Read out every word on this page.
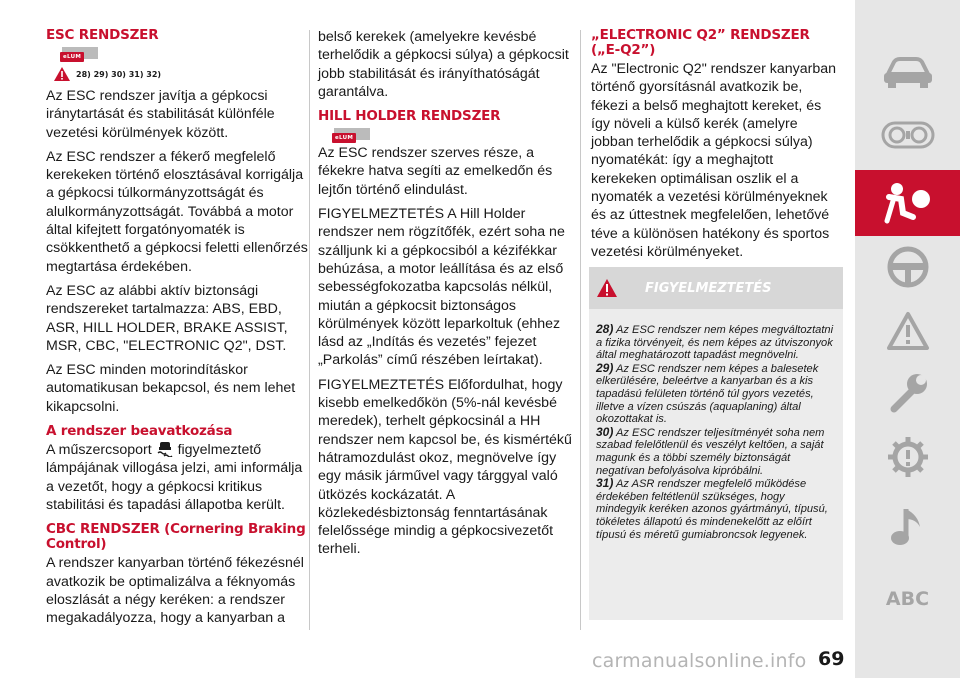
ESC RENDSZER
eLUM
28) 29) 30) 31) 32)

Az ESC rendszer javítja a gépkocsi iránytartását és stabilitását különféle vezetési körülmények között.

Az ESC rendszer a fékerő megfelelő kerekeken történő elosztásával korrigálja a gépkocsi túlkormányzottságát és alulkormányzottságát. Továbbá a motor által kifejtett forgatónyomaték is csökkenthető a gépkocsi feletti ellenőrzés megtartása érdekében.

Az ESC az alábbi aktív biztonsági rendszereket tartalmazza: ABS, EBD, ASR, HILL HOLDER, BRAKE ASSIST, MSR, CBC, "ELECTRONIC Q2", DST.

Az ESC minden motorindításkor automatikusan bekapcsol, és nem lehet kikapcsolni.

A rendszer beavatkozása

A műszercsoport figyelmeztető lámpájának villogása jelzi, ami informálja a vezetőt, hogy a gépkocsi kritikus stabilitási és tapadási állapotba került.

CBC RENDSZER (Cornering Braking Control)

A rendszer kanyarban történő fékezésnél avatkozik be optimalizálva a féknyomás eloszlását a négy keréken: a rendszer megakadályozza, hogy a kanyarban a

belső kerekek (amelyekre kevésbé terhelődik a gépkocsi súlya) a gépkocsit jobb stabilitását és irányíthatóságát garantálva.

HILL HOLDER RENDSZER
eLUM

Az ESC rendszer szerves része, a fékekre hatva segíti az emelkedőn és lejtőn történő elindulást.

FIGYELMEZTETÉS A Hill Holder rendszer nem rögzítőfék, ezért soha ne szálljunk ki a gépkocsiból a kézifékkar behúzása, a motor leállítása és az első sebességfokozatba kapcsolás nélkül, miután a gépkocsit biztonságos körülmények között leparkoltuk (ehhez lásd az „Indítás és vezetés” fejezet „Parkolás” című részében leírtakat).

FIGYELMEZTETÉS Előfordulhat, hogy kisebb emelkedőkön (5%-nál kevésbé meredek), terhelt gépkocsinál a HH rendszer nem kapcsol be, és kismértékű hátramozdulást okoz, megnövelve így egy másik járművel vagy tárggyal való ütközés kockázatát. A közlekedésbiztonság fenntartásának felelőssége mindig a gépkocsivezetőt terheli.

„ELECTRONIC Q2” RENDSZER („E-Q2”)

Az "Electronic Q2" rendszer kanyarban történő gyorsításnál avatkozik be, fékezi a belső meghajtott kereket, és így növeli a külső kerék (amelyre jobban terhelődik a gépkocsi súlya) nyomatékát: így a meghajtott kerekeken optimálisan oszlik el a nyomaték a vezetési körülményeknek és az úttestnek megfelelően, lehetővé téve a különösen hatékony és sportos vezetési körülményeket.

FIGYELMEZTETÉS

28) Az ESC rendszer nem képes megváltoztatni a fizika törvényeit, és nem képes az útviszonyok által meghatározott tapadást megnövelni.

29) Az ESC rendszer nem képes a balesetek elkerülésére, beleértve a kanyarban és a kis tapadású felületen történő túl gyors vezetés, illetve a vízen csúszás (aquaplaning) által okozottakat is.

30) Az ESC rendszer teljesítményét soha nem szabad felelőtlenül és veszélyt keltően, a saját magunk és a többi személy biztonságát negatívan befolyásolva kipróbálni.

31) Az ASR rendszer megfelelő működése érdekében feltétlenül szükséges, hogy mindegyik keréken azonos gyártmányú, típusú, tökéletes állapotú és mindenekelőtt az előírt típusú és méretű gumiabroncsok legyenek.

ABC
carmanualsonline.info 69
